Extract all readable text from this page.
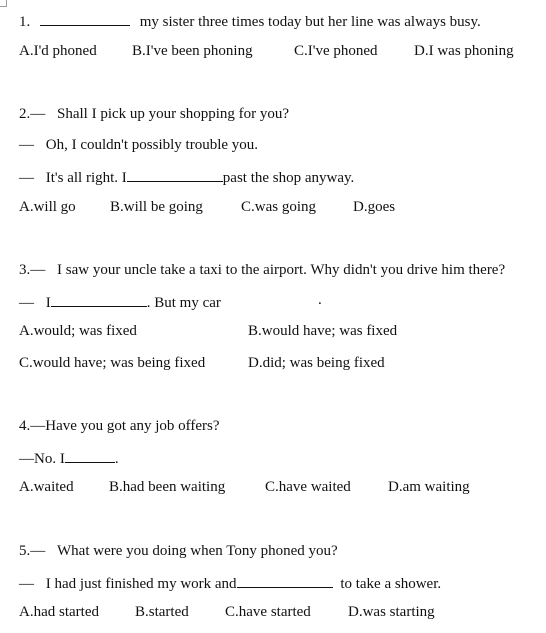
1.	my sister three times today but her line was always busy.
A.I'd phoned B.I've been phoning	C.I've phoned D.I was phoning
2.— Shall I pick up your shopping for you?
— Oh, I couldn't possibly trouble you.
— It's all right. I	past the shop anyway.
A.will go B.will be going	C.was going D.goes
3.— I saw your uncle take a taxi to the airport. Why didn't you drive him there?
— I	. But my car	.
A.would; was fixed	B.would have; was fixed
C.would have; was being fixed	D.did; was being fixed
4.—Have you got any job offers?
—No. I	.
A.waited B.had been waiting	C.have waited D.am waiting
5.— What were you doing when Tony phoned you?
— I had just finished my work and	to take a shower.
A.had started B.started C.have started D.was starting
